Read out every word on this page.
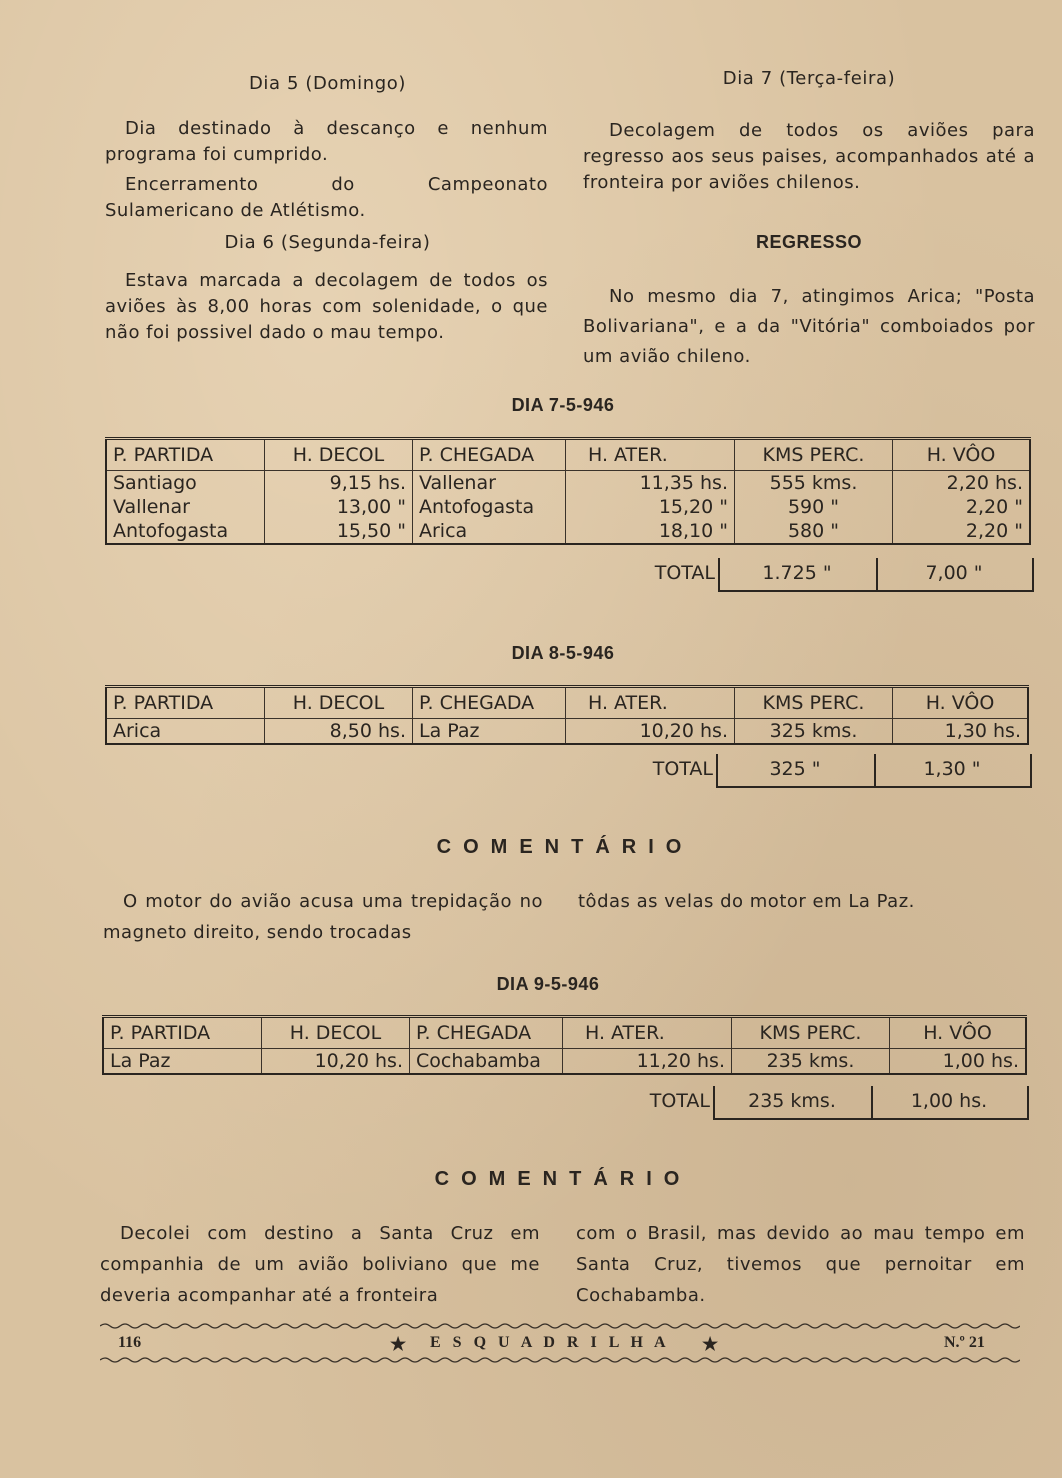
Dia 5 (Domingo)
Dia destinado à descanço e nenhum programa foi cumprido.
Encerramento do Campeonato Sulamericano de Atlétismo.
Dia 6 (Segunda-feira)
Estava marcada a decolagem de todos os aviões às 8,00 horas com solenidade, o que não foi possivel dado o mau tempo.
Dia 7 (Terça-feira)
Decolagem de todos os aviões para regresso aos seus paises, acompanhados até a fronteira por aviões chilenos.
REGRESSO
No mesmo dia 7, atingimos Arica; "Posta Bolivariana", e a da "Vitória" comboiados por um avião chileno.
DIA 7-5-946
P. PARTIDA	H. DECOL	P. CHEGADA	H. ATER.	KMS PERC.	H. VÔO
Santiago	9,15 hs.	Vallenar	11,35 hs.	555 kms.	2,20 hs.
Vallenar	13,00 "	Antofogasta	15,20 "	590 "	2,20 "
Antofogasta	15,50 "	Arica	18,10 "	580 "	2,20 "
TOTAL	1.725 "	7,00 "
DIA 8-5-946
P. PARTIDA	H. DECOL	P. CHEGADA	H. ATER.	KMS PERC.	H. VÔO
Arica	8,50 hs.	La Paz	10,20 hs.	325 kms.	1,30 hs.
TOTAL	325 "	1,30 "
COMENTÁRIO
O motor do avião acusa uma trepidação no magneto direito, sendo trocadas
tôdas as velas do motor em La Paz.
DIA 9-5-946
P. PARTIDA	H. DECOL	P. CHEGADA	H. ATER.	KMS PERC.	H. VÔO
La Paz	10,20 hs.	Cochabamba	11,20 hs.	235 kms.	1,00 hs.
TOTAL	235 kms.	1,00 hs.
COMENTÁRIO
Decolei com destino a Santa Cruz em companhia de um avião boliviano que me deveria acompanhar até a fronteira
com o Brasil, mas devido ao mau tempo em Santa Cruz, tivemos que pernoitar em Cochabamba.
116	★ E S Q U A D R I L H A ★	N.º 21
